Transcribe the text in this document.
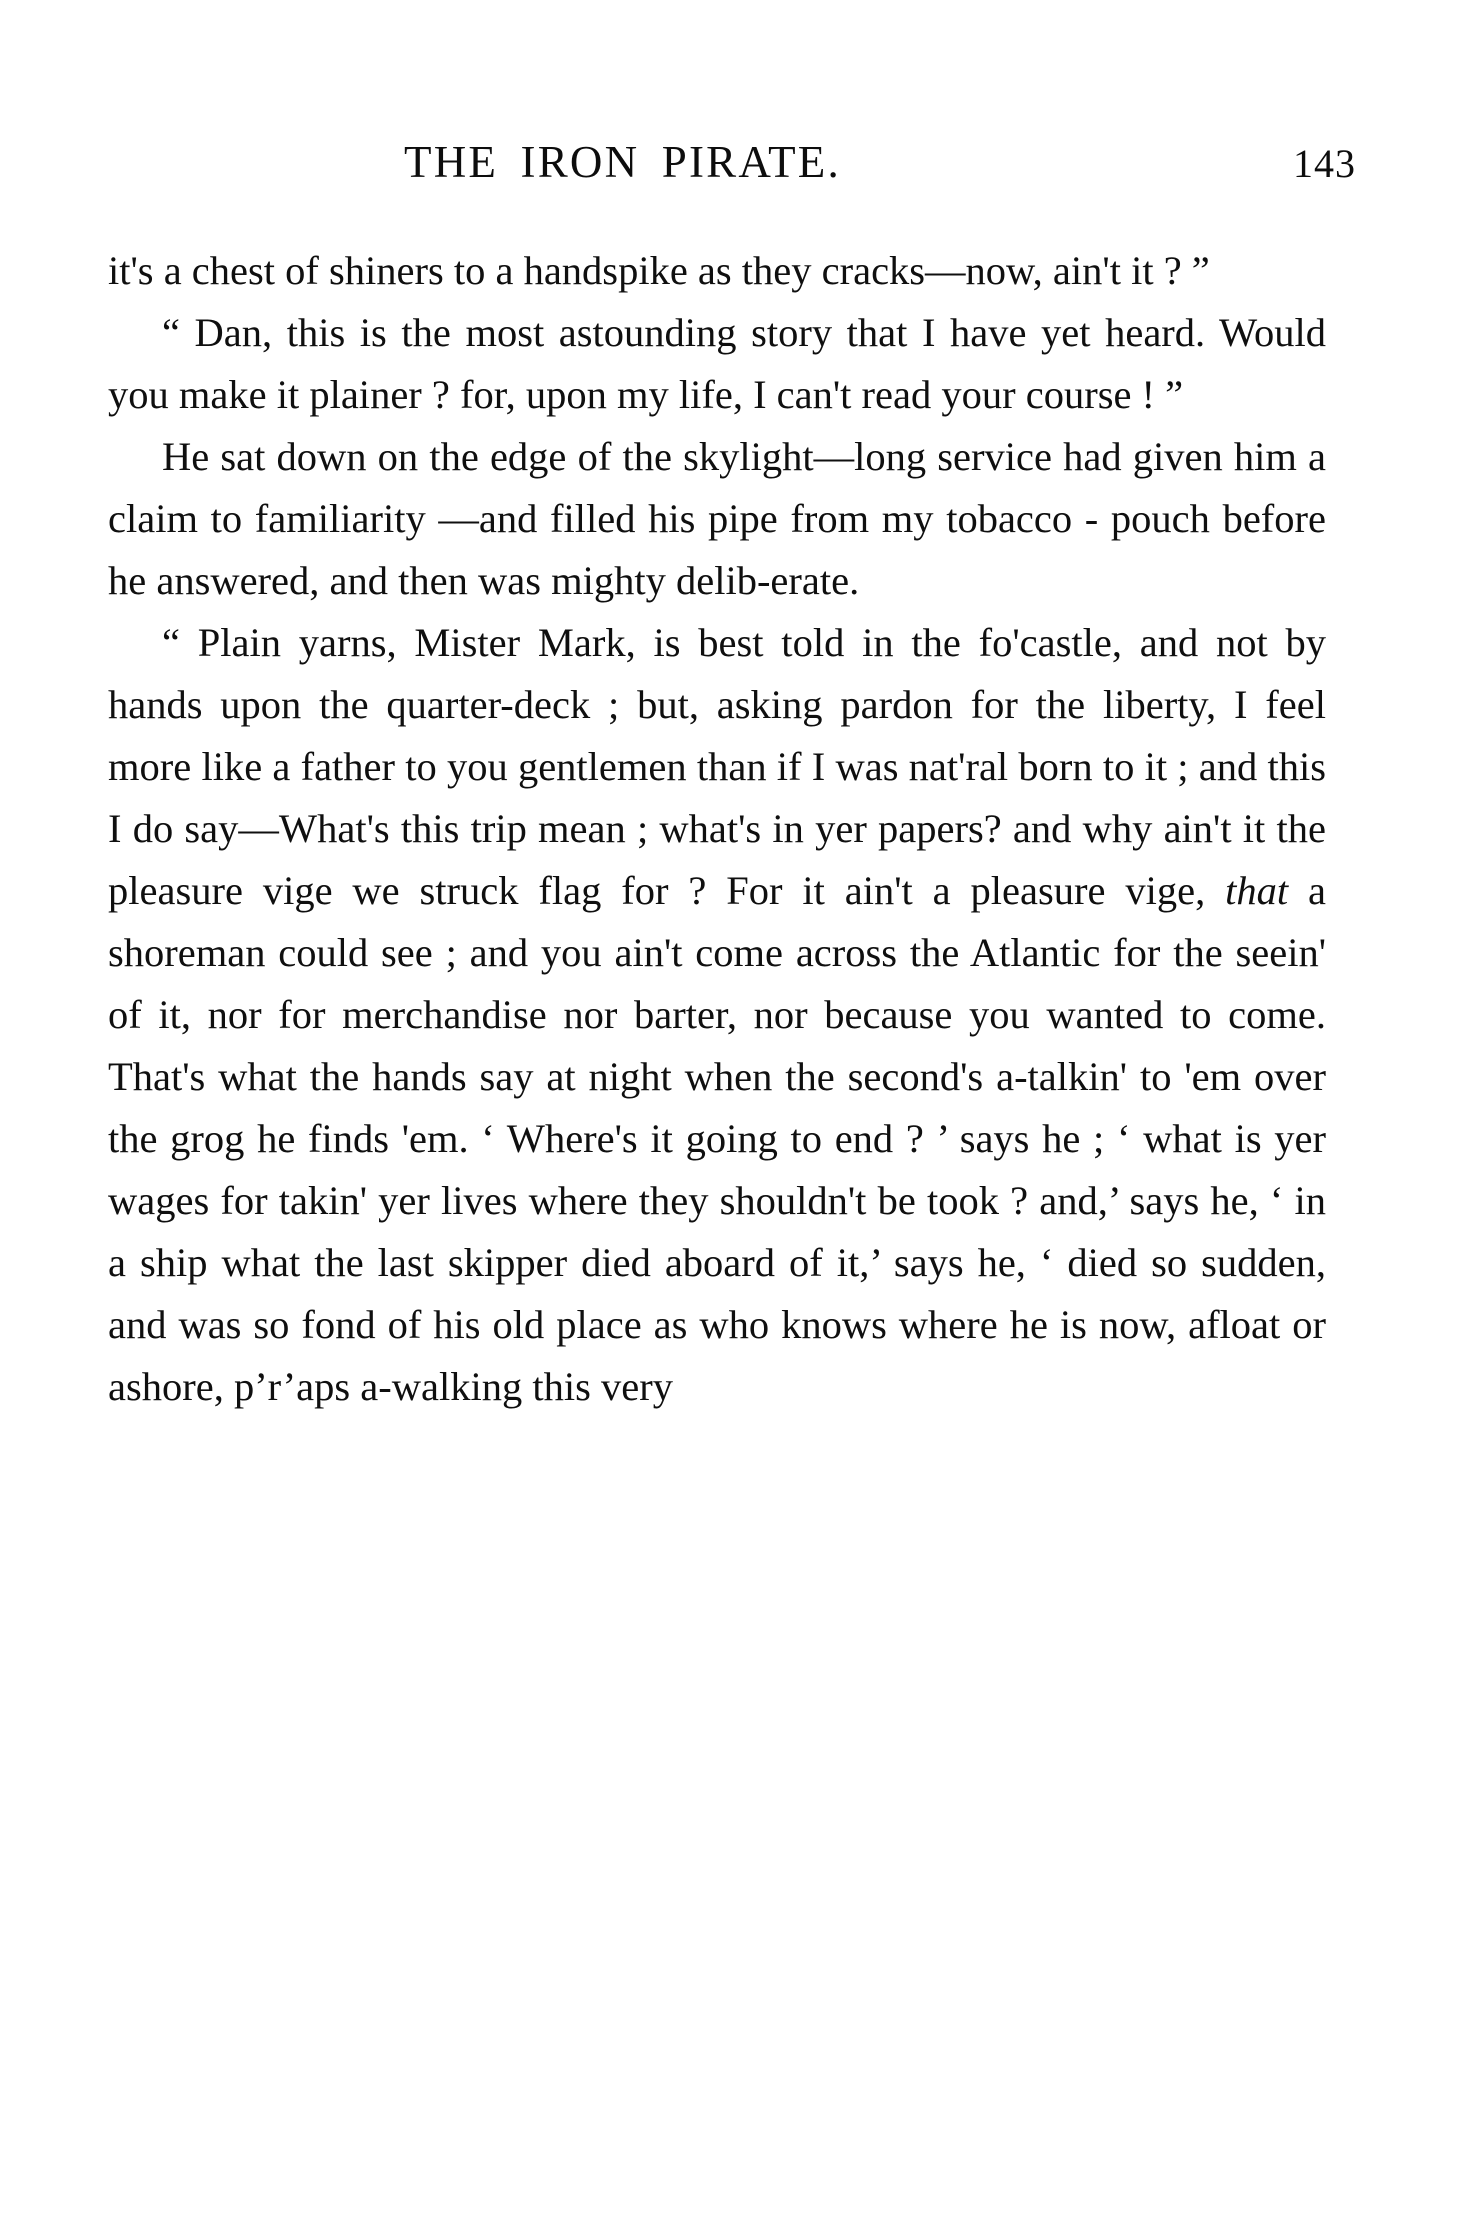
THE IRON PIRATE.	143

it's a chest of shiners to a handspike as they cracks—now, ain't it ? ”

“ Dan, this is the most astounding story that I have yet heard. Would you make it plainer ? for, upon my life, I can't read your course ! ”

He sat down on the edge of the skylight—long service had given him a claim to familiarity —and filled his pipe from my tobacco - pouch before he answered, and then was mighty delib-erate.

“ Plain yarns, Mister Mark, is best told in the fo'castle, and not by hands upon the quarter-deck ; but, asking pardon for the liberty, I feel more like a father to you gentlemen than if I was nat'ral born to it ; and this I do say—What's this trip mean ; what's in yer papers? and why ain't it the pleasure vige we struck flag for ? For it ain't a pleasure vige, that a shoreman could see ; and you ain't come across the Atlantic for the seein' of it, nor for merchandise nor barter, nor because you wanted to come. That's what the hands say at night when the second's a-talkin' to 'em over the grog he finds 'em. ‘ Where's it going to end ? ’ says he ; ‘ what is yer wages for takin' yer lives where they shouldn't be took ? and,’ says he, ‘ in a ship what the last skipper died aboard of it,’ says he, ‘ died so sudden, and was so fond of his old place as who knows where he is now, afloat or ashore, p’r’aps a-walking this very
